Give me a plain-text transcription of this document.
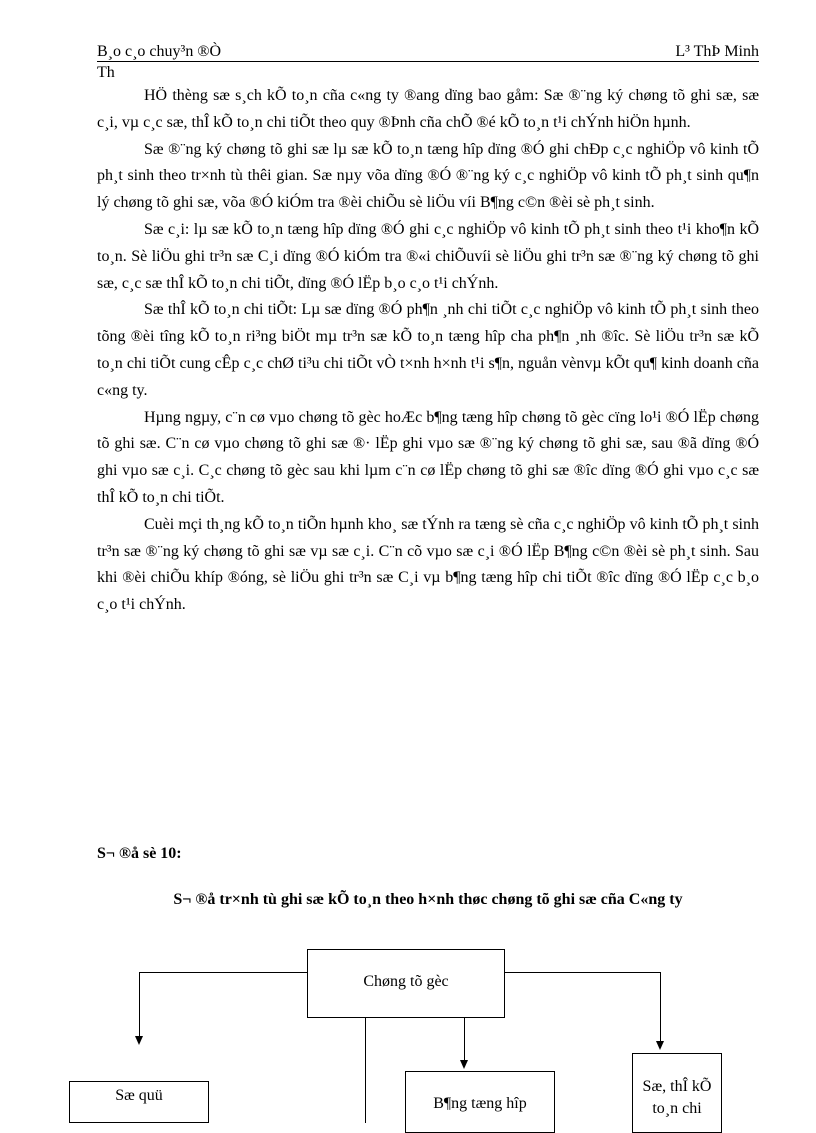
B¸o c¸o chuy³n ®Ò	L³ ThÞ Minh
Th

HÖ thèng sæ s¸ch kÕ to¸n cña c«ng ty ®ang dïng bao gåm: Sæ ®¨ng ký chøng tõ ghi sæ, sæ c¸i, vµ c¸c sæ, thÎ kÕ to¸n chi tiÕt theo quy ®Þnh cña chÕ ®é kÕ to¸n t¹i chÝnh hiÖn hµnh.

Sæ ®¨ng ký chøng tõ ghi sæ lµ sæ kÕ to¸n tæng hîp dïng ®Ó ghi chÐp c¸c nghiÖp vô kinh tÕ ph¸t sinh theo tr×nh tù thêi gian. Sæ nµy võa dïng ®Ó ®¨ng ký c¸c nghiÖp vô kinh tÕ ph¸t sinh qu¶n lý chøng tõ ghi sæ, võa ®Ó kiÓm tra ®èi chiÕu sè liÖu víi B¶ng c©n ®èi sè ph¸t sinh.

Sæ c¸i: lµ sæ kÕ to¸n tæng hîp dïng ®Ó ghi c¸c nghiÖp vô kinh tÕ ph¸t sinh theo t¹i kho¶n kÕ to¸n. Sè liÖu ghi tr³n sæ C¸i dïng ®Ó kiÓm tra ®«i chiÕuvíi sè liÖu ghi tr³n sæ ®¨ng ký chøng tõ ghi sæ, c¸c sæ thÎ kÕ to¸n chi tiÕt, dïng ®Ó lËp b¸o c¸o t¹i chÝnh.

Sæ thÎ kÕ to¸n chi tiÕt: Lµ sæ dïng ®Ó ph¶n ¸nh chi tiÕt c¸c nghiÖp vô kinh tÕ ph¸t sinh theo tõng ®èi tîng kÕ to¸n ri³ng biÖt mµ tr³n sæ kÕ to¸n tæng hîp cha ph¶n ¸nh ®îc. Sè liÖu tr³n sæ kÕ to¸n chi tiÕt cung cÊp c¸c chØ ti³u chi tiÕt vÒ t×nh h×nh t¹i s¶n, nguån vènvµ kÕt qu¶ kinh doanh cña c«ng ty.

Hµng ngµy, c¨n cø vµo chøng tõ gèc hoÆc b¶ng tæng hîp chøng tõ gèc cïng lo¹i ®Ó lËp chøng tõ ghi sæ. C¨n cø vµo chøng tõ ghi sæ ®· lËp ghi vµo sæ ®¨ng ký chøng tõ ghi sæ, sau ®ã dïng ®Ó ghi vµo sæ c¸i. C¸c chøng tõ gèc sau khi lµm c¨n cø lËp chøng tõ ghi sæ ®îc dïng ®Ó ghi vµo c¸c sæ thÎ kÕ to¸n chi tiÕt.

Cuèi mçi th¸ng kÕ to¸n tiÕn hµnh kho¸ sæ tÝnh ra tæng sè cña c¸c nghiÖp vô kinh tÕ ph¸t sinh tr³n sæ ®¨ng ký chøng tõ ghi sæ vµ sæ c¸i. C¨n cõ vµo sæ c¸i ®Ó lËp B¶ng c©n ®èi sè ph¸t sinh. Sau khi ®èi chiÕu khíp ®óng, sè liÖu ghi tr³n sæ C¸i vµ b¶ng tæng hîp chi tiÕt ®îc dïng ®Ó lËp c¸c b¸o c¸o t¹i chÝnh.

S¬ ®å sè 10:
S¬ ®å tr×nh tù ghi sæ kÕ to¸n theo h×nh thøc chøng tõ ghi sæ cña C«ng ty
Chøng tõ gèc
Sæ quü	B¶ng tæng hîp
Sæ, thÎ kÕ
to¸n chi
